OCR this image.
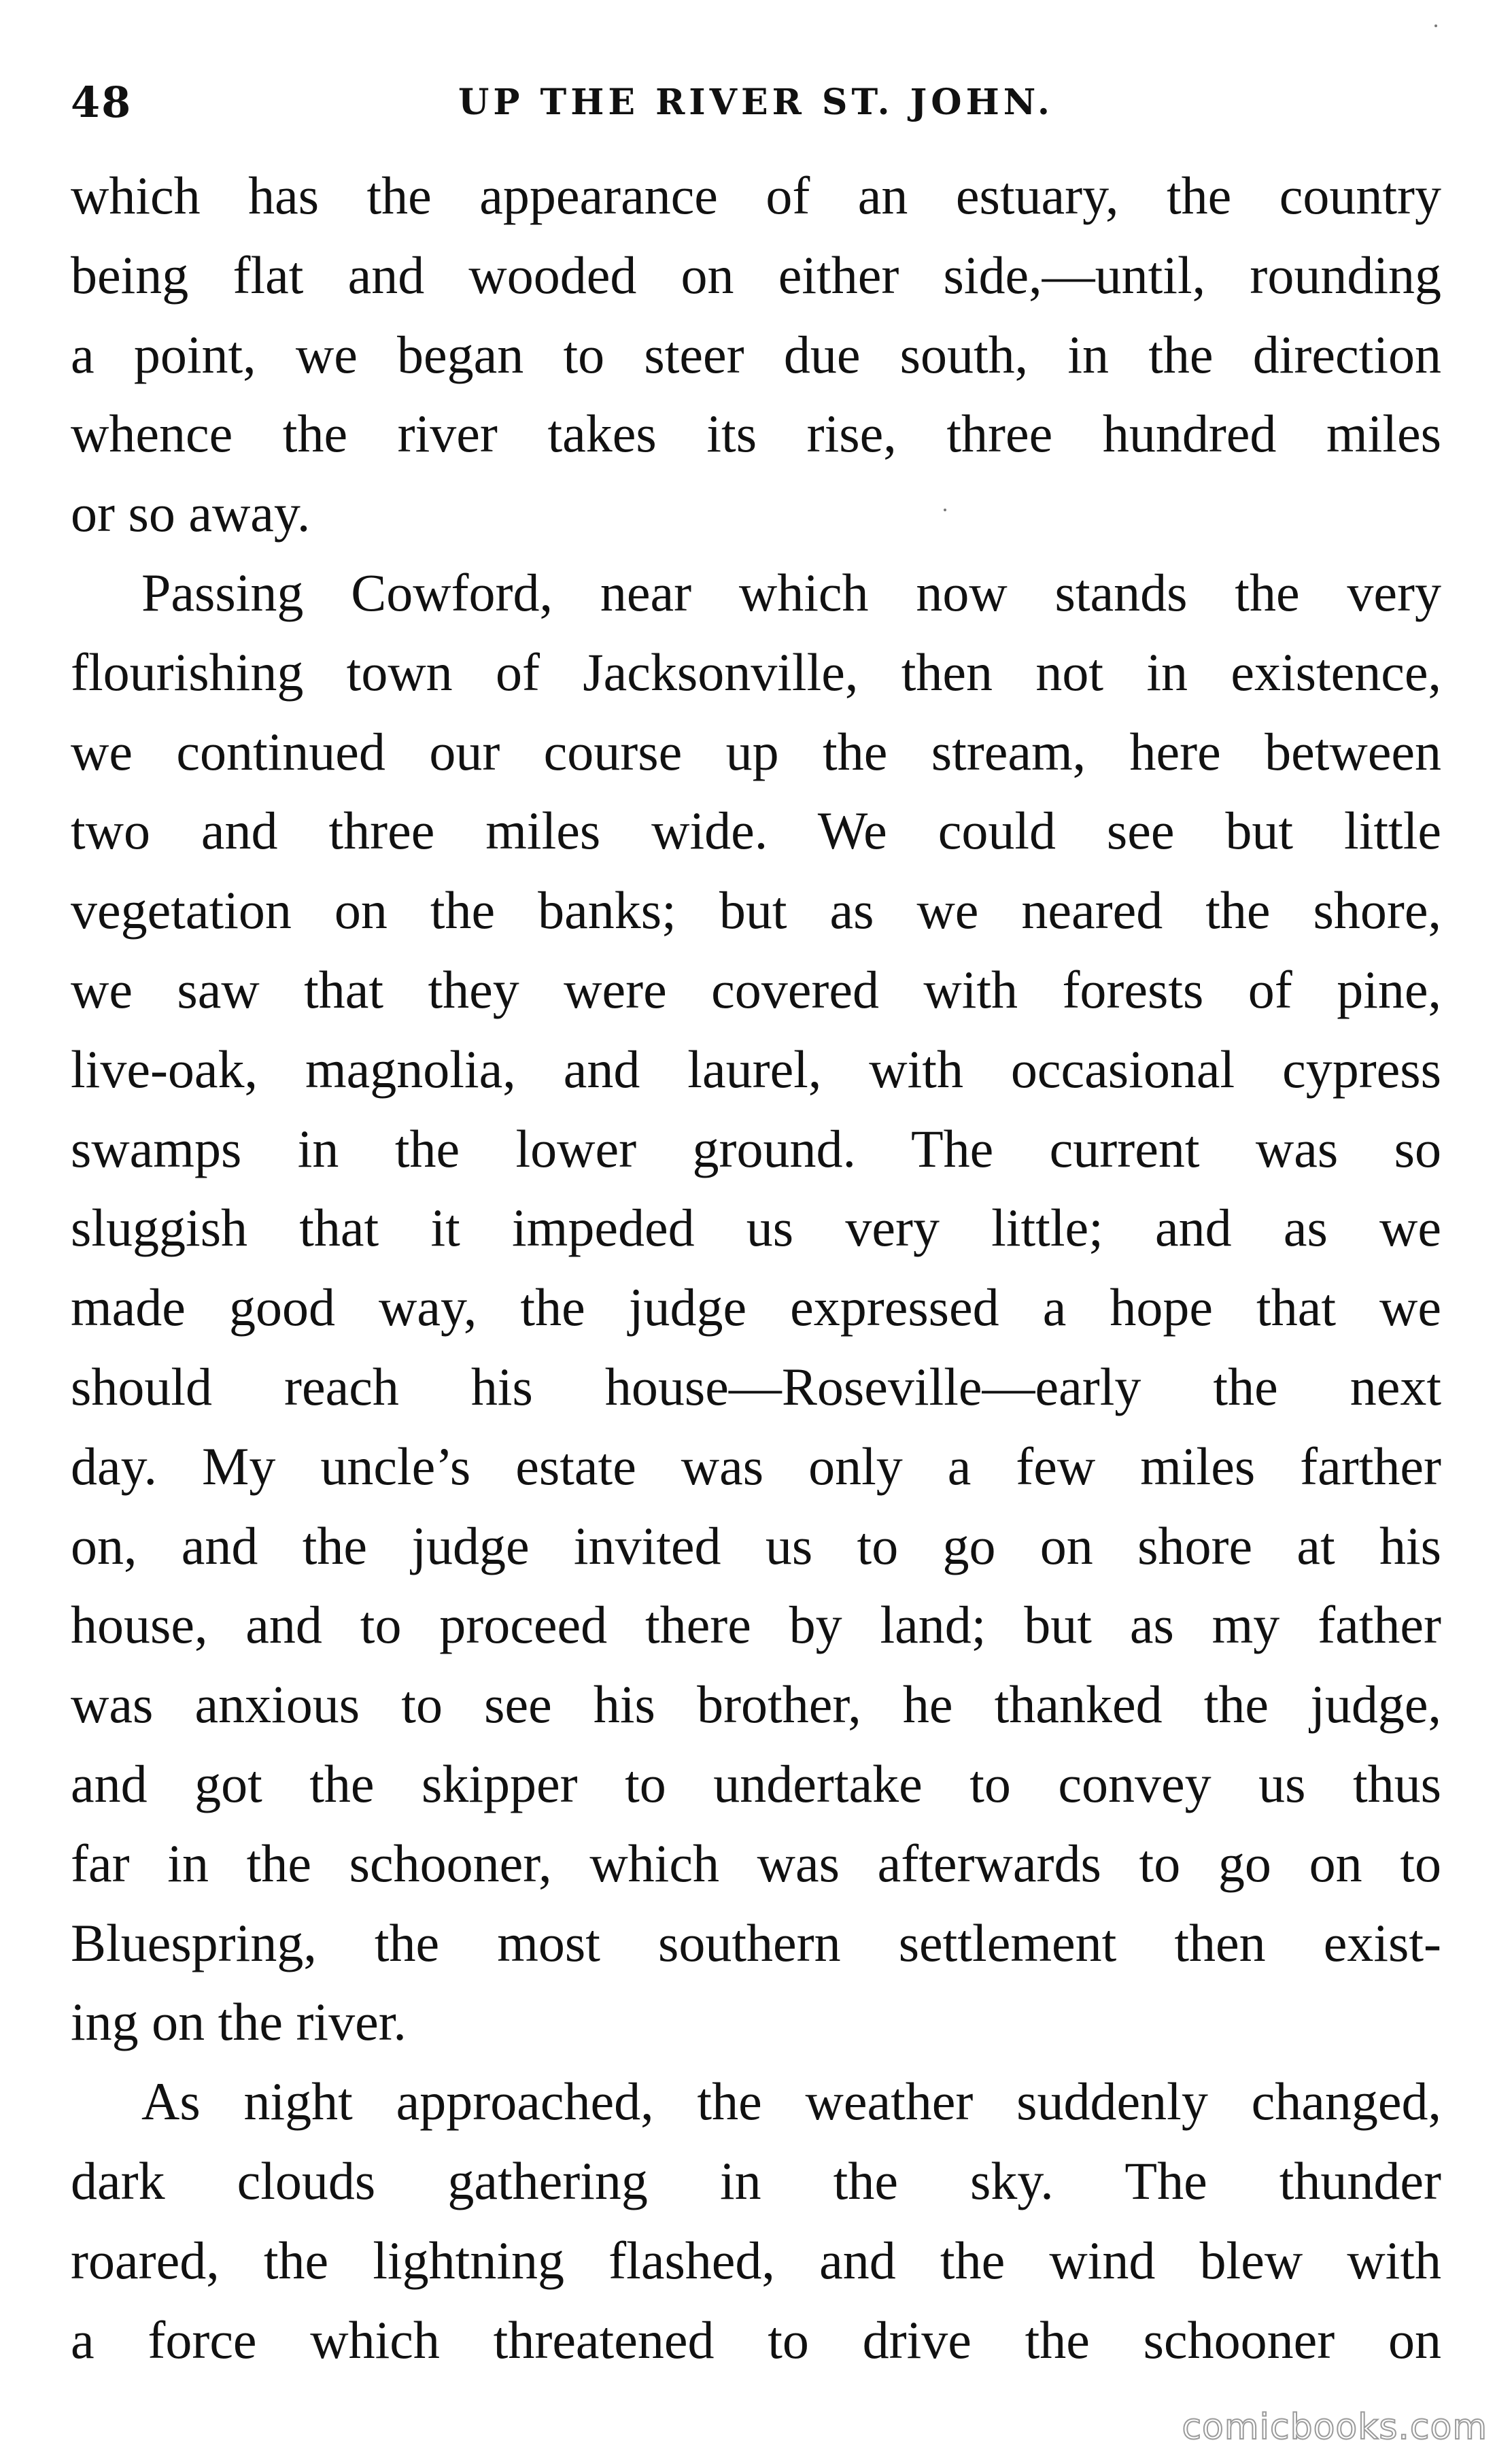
48	UP THE RIVER ST. JOHN.
which has the appearance of an estuary, the country
being flat and wooded on either side,—until, rounding
a point, we began to steer due south, in the direction
whence the river takes its rise, three hundred miles
or so away.
Passing Cowford, near which now stands the very
flourishing town of Jacksonville, then not in existence,
we continued our course up the stream, here between
two and three miles wide. We could see but little
vegetation on the banks; but as we neared the shore,
we saw that they were covered with forests of pine,
live-oak, magnolia, and laurel, with occasional cypress
swamps in the lower ground. The current was so
sluggish that it impeded us very little; and as we
made good way, the judge expressed a hope that we
should reach his house—Roseville—early the next
day. My uncle’s estate was only a few miles farther
on, and the judge invited us to go on shore at his
house, and to proceed there by land; but as my father
was anxious to see his brother, he thanked the judge,
and got the skipper to undertake to convey us thus
far in the schooner, which was afterwards to go on to
Bluespring, the most southern settlement then exist-
ing on the river.
As night approached, the weather suddenly changed,
dark clouds gathering in the sky. The thunder
roared, the lightning flashed, and the wind blew with
a force which threatened to drive the schooner on
comicbooks.com
